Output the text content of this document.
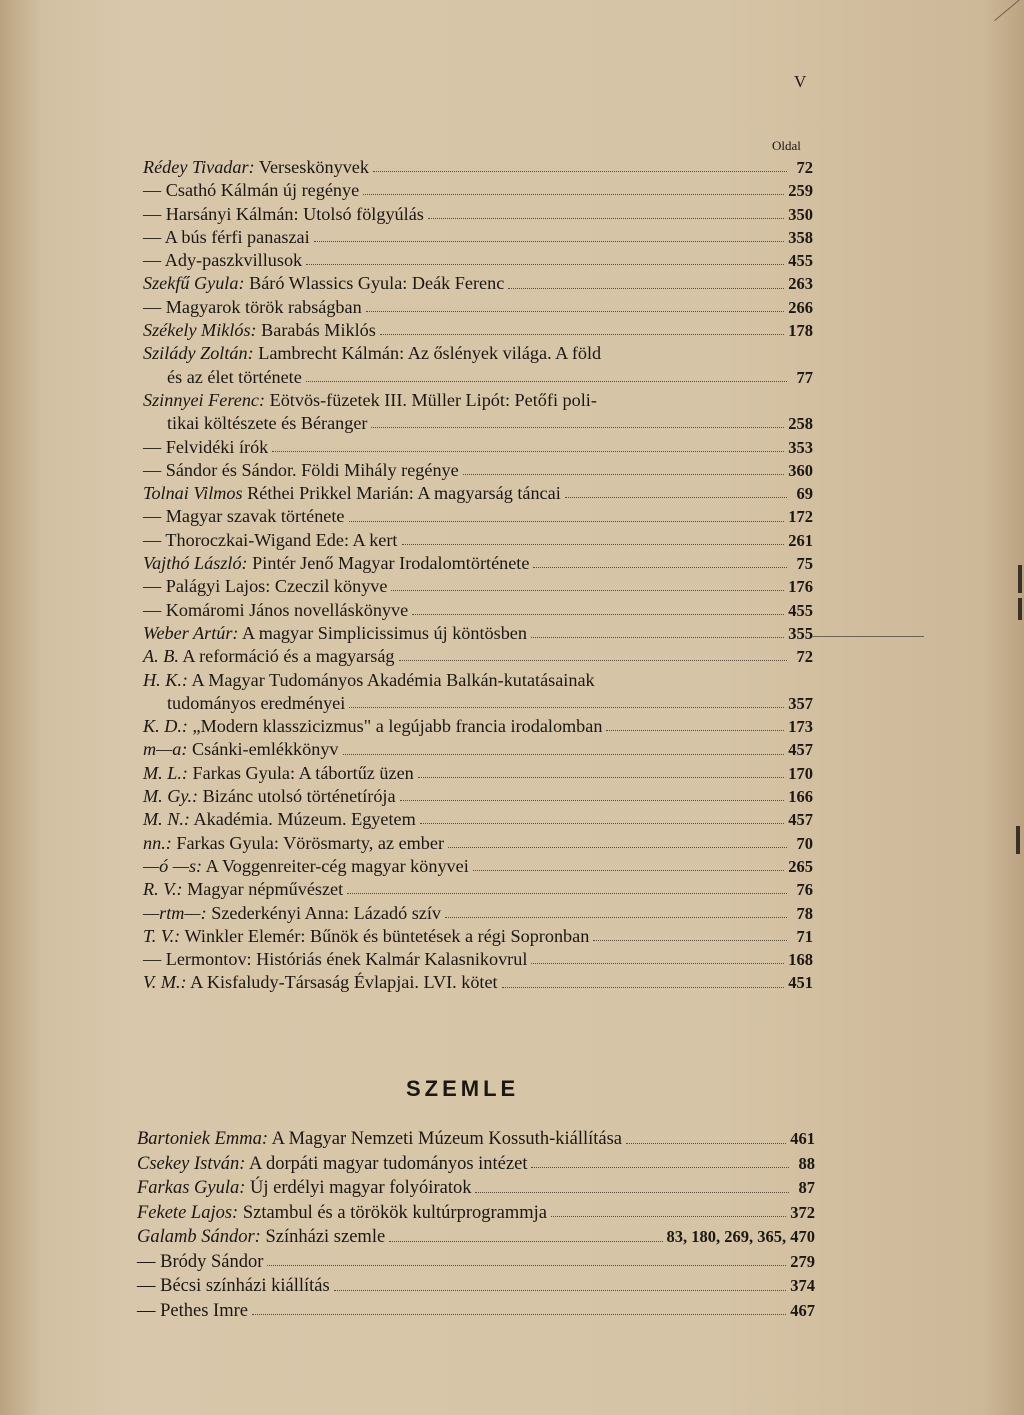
V
Oldal
Rédey Tivadar: Verseskönyvek	72
— Csathó Kálmán új regénye	259
— Harsányi Kálmán: Utolsó fölgyúlás	350
— A bús férfi panaszai	358
— Ady-paszkvillusok	455
Szekfű Gyula: Báró Wlassics Gyula: Deák Ferenc	263
— Magyarok török rabságban	266
Székely Miklós: Barabás Miklós	178
Szilády Zoltán: Lambrecht Kálmán: Az őslények világa. A föld
és az élet története	77
Szinnyei Ferenc: Eötvös-füzetek III. Müller Lipót: Petőfi poli-
tikai költészete és Béranger	258
— Felvidéki írók	353
— Sándor és Sándor. Földi Mihály regénye	360
Tolnai Vilmos Réthei Prikkel Marián: A magyarság táncai	69
— Magyar szavak története	172
— Thoroczkai-Wigand Ede: A kert	261
Vajthó László: Pintér Jenő Magyar Irodalomtörténete	75
— Palágyi Lajos: Czeczil könyve	176
— Komáromi János novelláskönyve	455
Weber Artúr: A magyar Simplicissimus új köntösben	355
A. B. A reformáció és a magyarság	72
H. K.: A Magyar Tudományos Akadémia Balkán-kutatásainak
tudományos eredményei	357
K. D.: „Modern klasszicizmus" a legújabb francia irodalomban	173
m—a: Csánki-emlékkönyv	457
M. L.: Farkas Gyula: A tábortűz üzen	170
M. Gy.: Bizánc utolsó történetírója	166
M. N.: Akadémia. Múzeum. Egyetem	457
nn.: Farkas Gyula: Vörösmarty, az ember	70
—ó —s: A Voggenreiter-cég magyar könyvei	265
R. V.: Magyar népművészet	76
—rtm—: Szederkényi Anna: Lázadó szív	78
T. V.: Winkler Elemér: Bűnök és büntetések a régi Sopronban	71
— Lermontov: Históriás ének Kalmár Kalasnikovrul	168
V. M.: A Kisfaludy-Társaság Évlapjai. LVI. kötet	451
SZEMLE
Bartoniek Emma: A Magyar Nemzeti Múzeum Kossuth-kiállítása	461
Csekey István: A dorpáti magyar tudományos intézet	88
Farkas Gyula: Új erdélyi magyar folyóiratok	87
Fekete Lajos: Sztambul és a törökök kultúrprogrammja	372
Galamb Sándor: Színházi szemle	83, 180, 269, 365, 470
— Bródy Sándor	279
— Bécsi színházi kiállítás	374
— Pethes Imre	467
